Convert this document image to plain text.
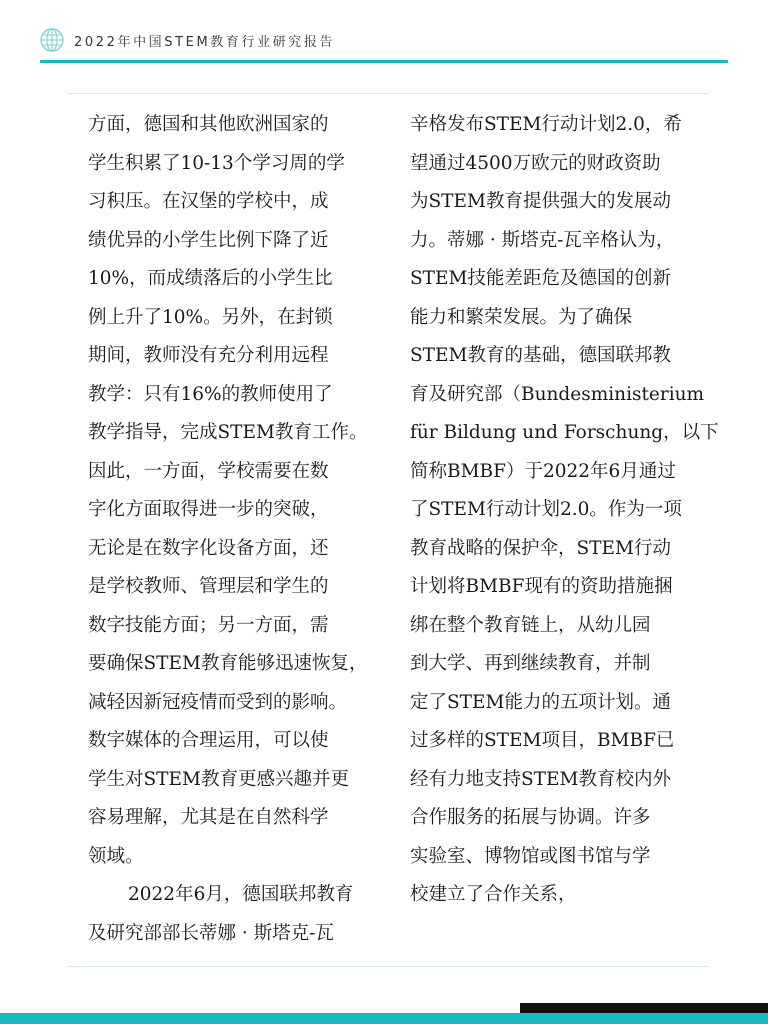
2022年中国STEM教育行业研究报告
方面，德国和其他欧洲国家的
学生积累了10-13个学习周的学
习积压。在汉堡的学校中，成
绩优异的小学生比例下降了近
10%，而成绩落后的小学生比
例上升了10%。另外，在封锁
期间，教师没有充分利用远程
教学：只有16%的教师使用了
教学指导，完成STEM教育工作。
因此，一方面，学校需要在数
字化方面取得进一步的突破，
无论是在数字化设备方面，还
是学校教师、管理层和学生的
数字技能方面；另一方面，需
要确保STEM教育能够迅速恢复，
减轻因新冠疫情而受到的影响。
数字媒体的合理运用，可以使
学生对STEM教育更感兴趣并更
容易理解，尤其是在自然科学
领域。
2022年6月，德国联邦教育
及研究部部长蒂娜 · 斯塔克-瓦
辛格发布STEM行动计划2.0，希
望通过4500万欧元的财政资助
为STEM教育提供强大的发展动
力。蒂娜 · 斯塔克-瓦辛格认为，
STEM技能差距危及德国的创新
能力和繁荣发展。为了确保
STEM教育的基础，德国联邦教
育及研究部（Bundesministerium
für Bildung und Forschung，以下
简称BMBF）于2022年6月通过
了STEM行动计划2.0。作为一项
教育战略的保护伞，STEM行动
计划将BMBF现有的资助措施捆
绑在整个教育链上，从幼儿园
到大学、再到继续教育，并制
定了STEM能力的五项计划。通
过多样的STEM项目，BMBF已
经有力地支持STEM教育校内外
合作服务的拓展与协调。许多
实验室、博物馆或图书馆与学
校建立了合作关系，
